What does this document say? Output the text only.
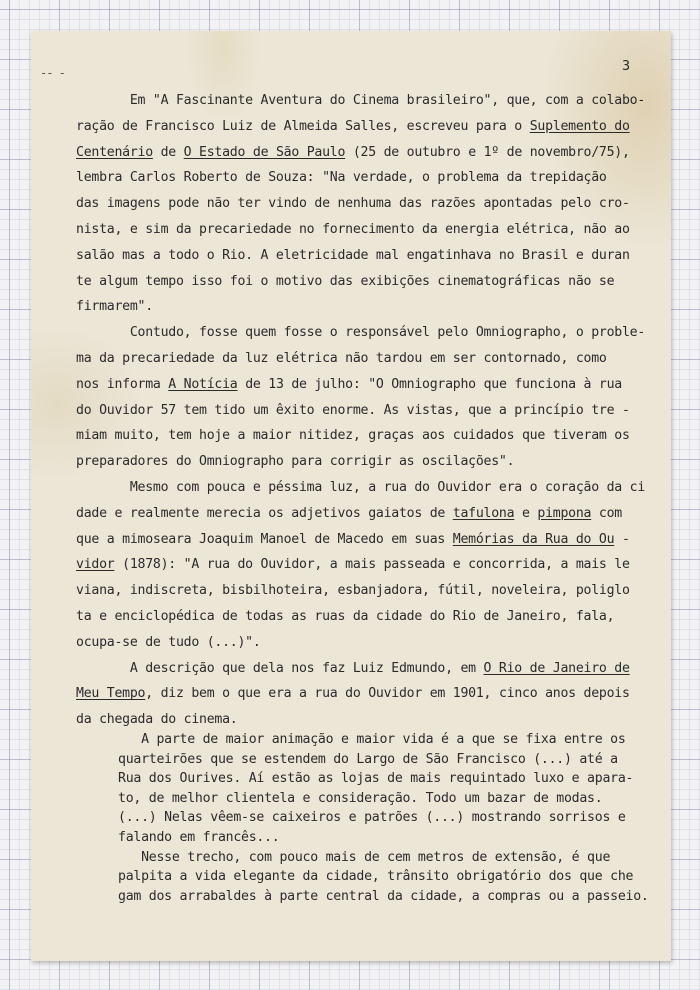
-- -	3
Em "A Fascinante Aventura do Cinema brasileiro", que, com a colabo-
ração de Francisco Luiz de Almeida Salles, escreveu para o Suplemento do
Centenário de O Estado de São Paulo (25 de outubro e 1º de novembro/75),
lembra Carlos Roberto de Souza: "Na verdade, o problema da trepidação
das imagens pode não ter vindo de nenhuma das razões apontadas pelo cro-
nista, e sim da precariedade no fornecimento da energia elétrica, não ao
salão mas a todo o Rio. A eletricidade mal engatinhava no Brasil e duran
te algum tempo isso foi o motivo das exibições cinematográficas não se
firmarem".
Contudo, fosse quem fosse o responsável pelo Omniographo, o proble-
ma da precariedade da luz elétrica não tardou em ser contornado, como
nos informa A Notícia de 13 de julho: "O Omniographo que funciona à rua
do Ouvidor 57 tem tido um êxito enorme. As vistas, que a princípio tre -
miam muito, tem hoje a maior nitidez, graças aos cuidados que tiveram os
preparadores do Omniographo para corrigir as oscilações".
Mesmo com pouca e péssima luz, a rua do Ouvidor era o coração da ci
dade e realmente merecia os adjetivos gaiatos de tafulona e pimpona com
que a mimoseara Joaquim Manoel de Macedo em suas Memórias da Rua do Ou -
vidor (1878): "A rua do Ouvidor, a mais passeada e concorrida, a mais le
viana, indiscreta, bisbilhoteira, esbanjadora, fútil, noveleira, poliglo
ta e enciclopédica de todas as ruas da cidade do Rio de Janeiro, fala,
ocupa-se de tudo (...)".
A descrição que dela nos faz Luiz Edmundo, em O Rio de Janeiro de
Meu Tempo, diz bem o que era a rua do Ouvidor em 1901, cinco anos depois
da chegada do cinema.
A parte de maior animação e maior vida é a que se fixa entre os
quarteirões que se estendem do Largo de São Francisco (...) até a
Rua dos Ourives. Aí estão as lojas de mais requintado luxo e apara-
to, de melhor clientela e consideração. Todo um bazar de modas.
(...) Nelas vêem-se caixeiros e patrões (...) mostrando sorrisos e
falando em francês...
Nesse trecho, com pouco mais de cem metros de extensão, é que
palpita a vida elegante da cidade, trânsito obrigatório dos que che
gam dos arrabaldes à parte central da cidade, a compras ou a passeio.
